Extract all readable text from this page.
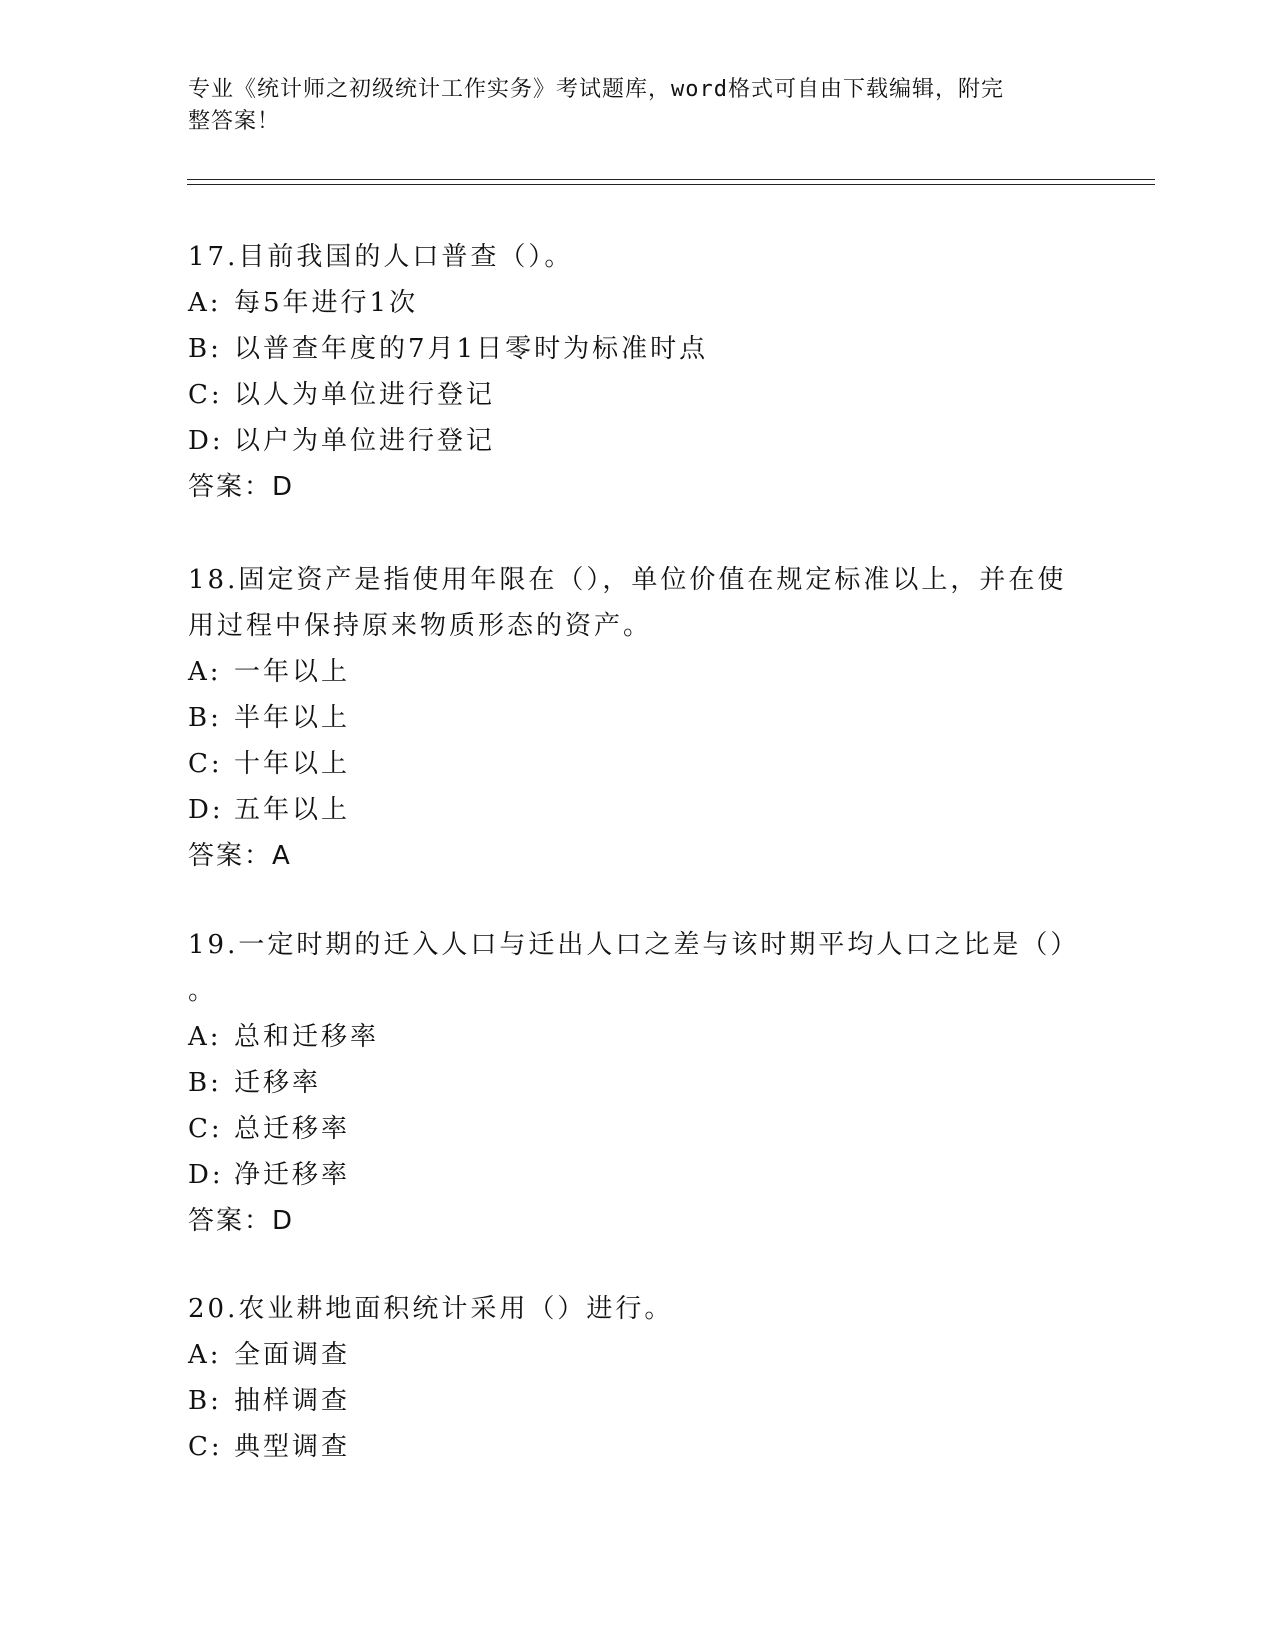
专业《统计师之初级统计工作实务》考试题库，word格式可自由下载编辑，附完
整答案！
17.目前我国的人口普查（）。
A: 每5年进行1次
B: 以普查年度的7月1日零时为标准时点
C: 以人为单位进行登记
D: 以户为单位进行登记
答案：D
18.固定资产是指使用年限在（），单位价值在规定标准以上，并在使
用过程中保持原来物质形态的资产。
A: 一年以上
B: 半年以上
C: 十年以上
D: 五年以上
答案：A
19.一定时期的迁入人口与迁出人口之差与该时期平均人口之比是（）
。
A: 总和迁移率
B: 迁移率
C: 总迁移率
D: 净迁移率
答案：D
20.农业耕地面积统计采用（）进行。
A: 全面调查
B: 抽样调查
C: 典型调查
